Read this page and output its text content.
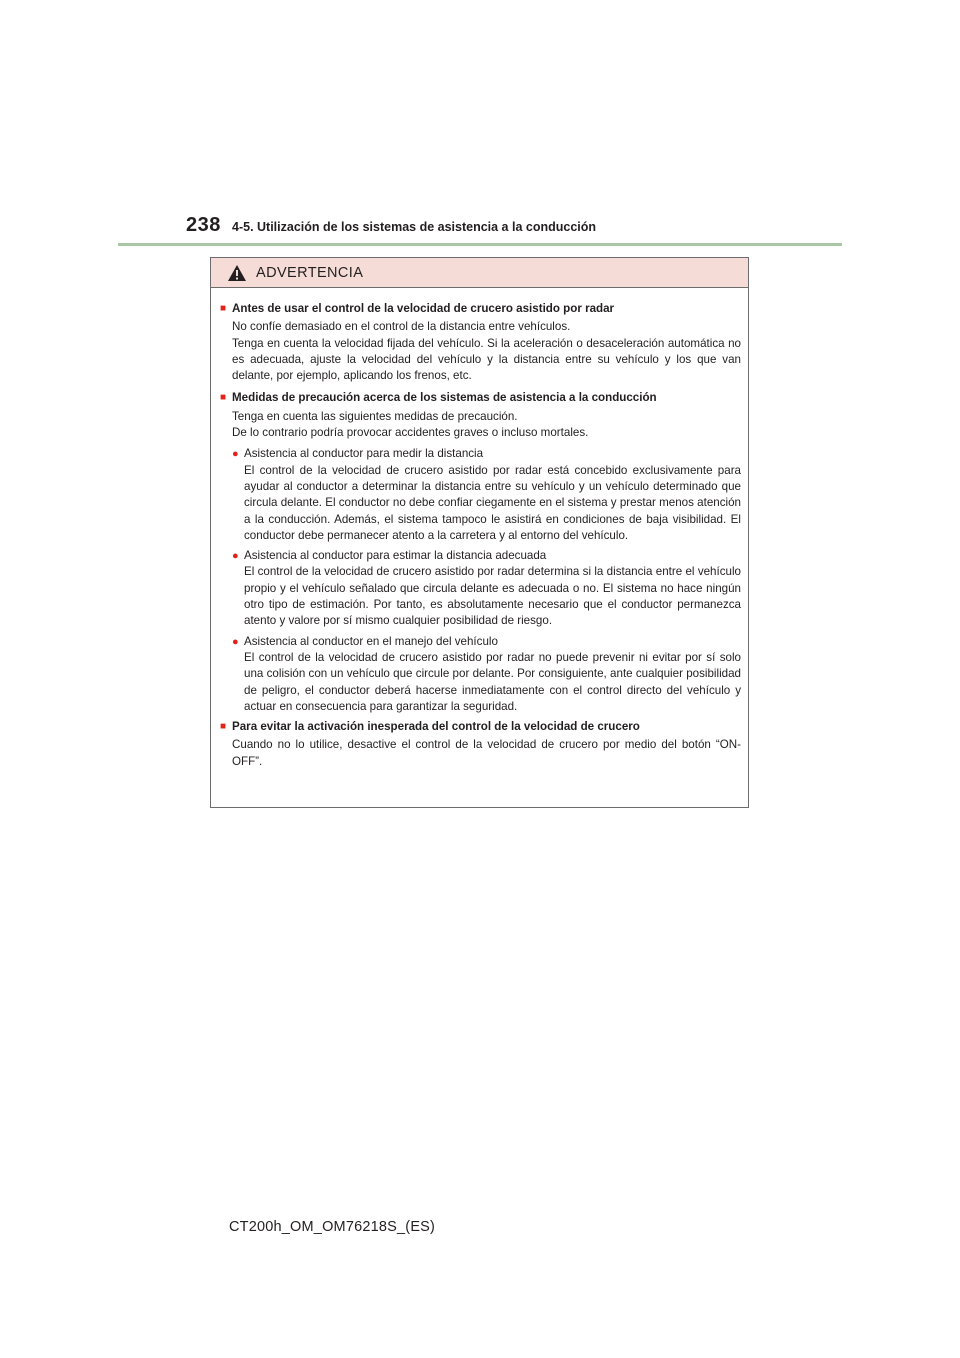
238 4-5. Utilización de los sistemas de asistencia a la conducción
ADVERTENCIA
■ Antes de usar el control de la velocidad de crucero asistido por radar
No confíe demasiado en el control de la distancia entre vehículos.
Tenga en cuenta la velocidad fijada del vehículo. Si la aceleración o desaceleración automática no es adecuada, ajuste la velocidad del vehículo y la distancia entre su vehículo y los que van delante, por ejemplo, aplicando los frenos, etc.
■ Medidas de precaución acerca de los sistemas de asistencia a la conducción
Tenga en cuenta las siguientes medidas de precaución.
De lo contrario podría provocar accidentes graves o incluso mortales.
● Asistencia al conductor para medir la distancia
El control de la velocidad de crucero asistido por radar está concebido exclusivamente para ayudar al conductor a determinar la distancia entre su vehículo y un vehículo determinado que circula delante. El conductor no debe confiar ciegamente en el sistema y prestar menos atención a la conducción. Además, el sistema tampoco le asistirá en condiciones de baja visibilidad. El conductor debe permanecer atento a la carretera y al entorno del vehículo.
● Asistencia al conductor para estimar la distancia adecuada
El control de la velocidad de crucero asistido por radar determina si la distancia entre el vehículo propio y el vehículo señalado que circula delante es adecuada o no. El sistema no hace ningún otro tipo de estimación. Por tanto, es absolutamente necesario que el conductor permanezca atento y valore por sí mismo cualquier posibilidad de riesgo.
● Asistencia al conductor en el manejo del vehículo
El control de la velocidad de crucero asistido por radar no puede prevenir ni evitar por sí solo una colisión con un vehículo que circule por delante. Por consiguiente, ante cualquier posibilidad de peligro, el conductor deberá hacerse inmediatamente con el control directo del vehículo y actuar en consecuencia para garantizar la seguridad.
■ Para evitar la activación inesperada del control de la velocidad de crucero
Cuando no lo utilice, desactive el control de la velocidad de crucero por medio del botón “ON-OFF”.
CT200h_OM_OM76218S_(ES)
